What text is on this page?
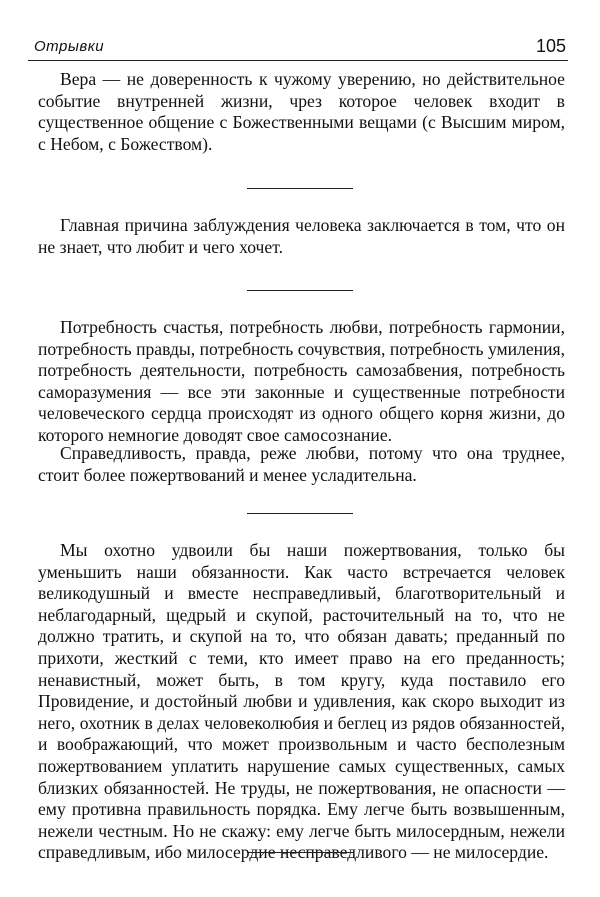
Отрывки	105

Вера — не доверенность к чужому уверению, но действительное событие внутренней жизни, чрез которое человек входит в существенное общение с Божественными вещами (с Высшим миром, с Небом, с Божеством).

Главная причина заблуждения человека заключается в том, что он не знает, что любит и чего хочет.

Потребность счастья, потребность любви, потребность гармонии, потребность правды, потребность сочувствия, потребность умиления, потребность деятельности, потребность самозабвения, потребность саморазумения — все эти законные и существенные потребности человеческого сердца происходят из одного общего корня жизни, до которого немногие доводят свое самосознание.

Справедливость, правда, реже любви, потому что она труднее, стоит более пожертвований и менее усладительна.

Мы охотно удвоили бы наши пожертвования, только бы уменьшить наши обязанности. Как часто встречается человек великодушный и вместе несправедливый, благотворительный и неблагодарный, щедрый и скупой, расточительный на то, что не должно тратить, и скупой на то, что обязан давать; преданный по прихоти, жесткий с теми, кто имеет право на его преданность; ненавистный, может быть, в том кругу, куда поставило его Провидение, и достойный любви и удивления, как скоро выходит из него, охотник в делах человеколюбия и беглец из рядов обязанностей, и воображающий, что может произвольным и часто бесполезным пожертвованием уплатить нарушение самых существенных, самых близких обязанностей. Не труды, не пожертвования, не опасности — ему противна правильность порядка. Ему легче быть возвышенным, нежели честным. Но не скажу: ему легче быть милосердным, нежели справедливым, ибо милосердие несправедливого — не милосердие.
